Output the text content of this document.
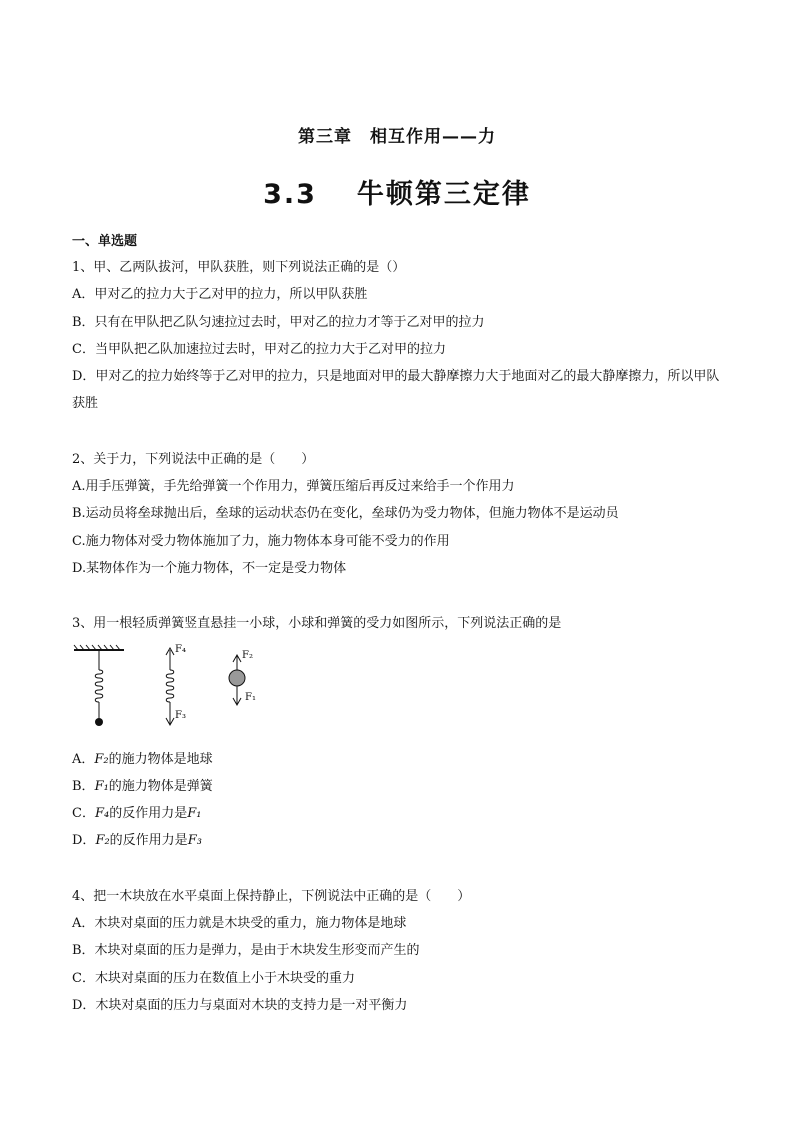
第三章　相互作用——力
3.3 牛顿第三定律
一、单选题

1、甲、乙两队拔河，甲队获胜，则下列说法正确的是（）

A．甲对乙的拉力大于乙对甲的拉力，所以甲队获胜

B．只有在甲队把乙队匀速拉过去时，甲对乙的拉力才等于乙对甲的拉力

C．当甲队把乙队加速拉过去时，甲对乙的拉力大于乙对甲的拉力

D．甲对乙的拉力始终等于乙对甲的拉力，只是地面对甲的最大静摩擦力大于地面对乙的最大静摩擦力，所以甲队获胜

2、关于力，下列说法中正确的是（　　）

A.用手压弹簧，手先给弹簧一个作用力，弹簧压缩后再反过来给手一个作用力

B.运动员将垒球抛出后，垒球的运动状态仍在变化，垒球仍为受力物体，但施力物体不是运动员

C.施力物体对受力物体施加了力，施力物体本身可能不受力的作用

D.某物体作为一个施力物体，不一定是受力物体

3、用一根轻质弹簧竖直悬挂一小球，小球和弹簧的受力如图所示，下列说法正确的是

F₄
F₃
F₂
F₁

A．F₂的施力物体是地球

B．F₁的施力物体是弹簧

C．F₄的反作用力是F₁

D．F₂的反作用力是F₃

4、把一木块放在水平桌面上保持静止，下例说法中正确的是（　　）

A．木块对桌面的压力就是木块受的重力，施力物体是地球

B．木块对桌面的压力是弹力，是由于木块发生形变而产生的

C．木块对桌面的压力在数值上小于木块受的重力

D．木块对桌面的压力与桌面对木块的支持力是一对平衡力
